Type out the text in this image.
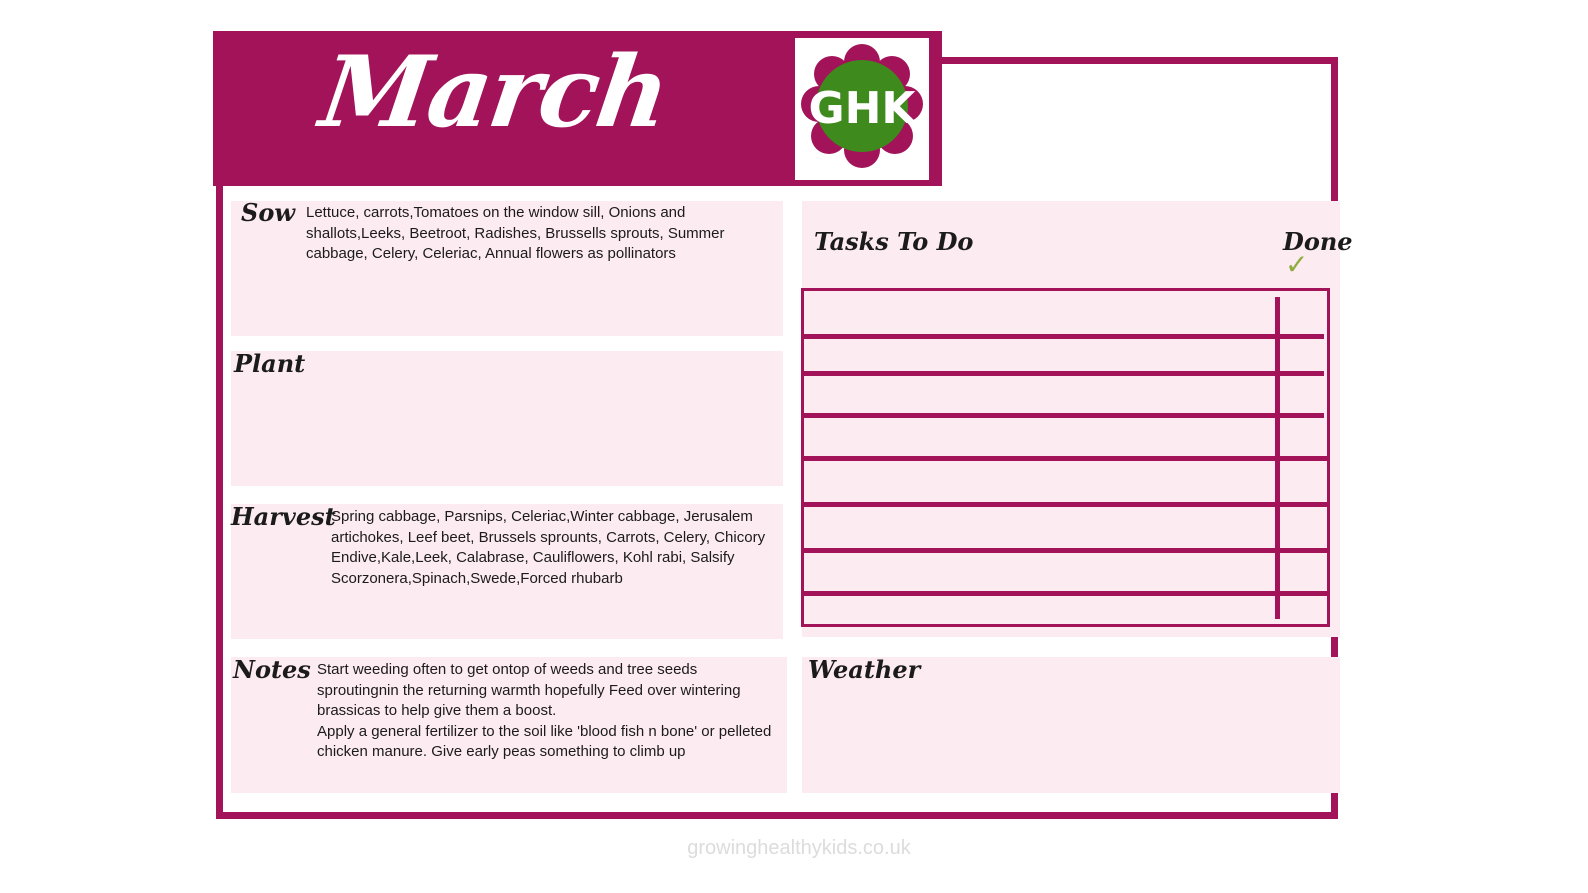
March	GHK
Sow Lettuce, carrots,Tomatoes on the window sill, Onions and shallots,Leeks, Beetroot, Radishes, Brussells sprouts, Summer cabbage, Celery, Celeriac, Annual flowers as pollinators
Plant
Harvest
Spring cabbage, Parsnips, Celeriac,Winter cabbage, Jerusalem artichokes, Leef beet, Brussels sprounts, Carrots, Celery, Chicory Endive,Kale,Leek, Calabrase, Cauliflowers, Kohl rabi, Salsify Scorzonera,Spinach,Swede,Forced rhubarb
Notes Start weeding often to get ontop of weeds and tree seeds sproutingnin the returning warmth hopefully Feed over wintering brassicas to help give them a boost.
Apply a general fertilizer to the soil like 'blood fish n bone' or pelleted chicken manure. Give early peas something to climb up
Tasks To Do	Done
✓
Weather
growinghealthykids.co.uk
